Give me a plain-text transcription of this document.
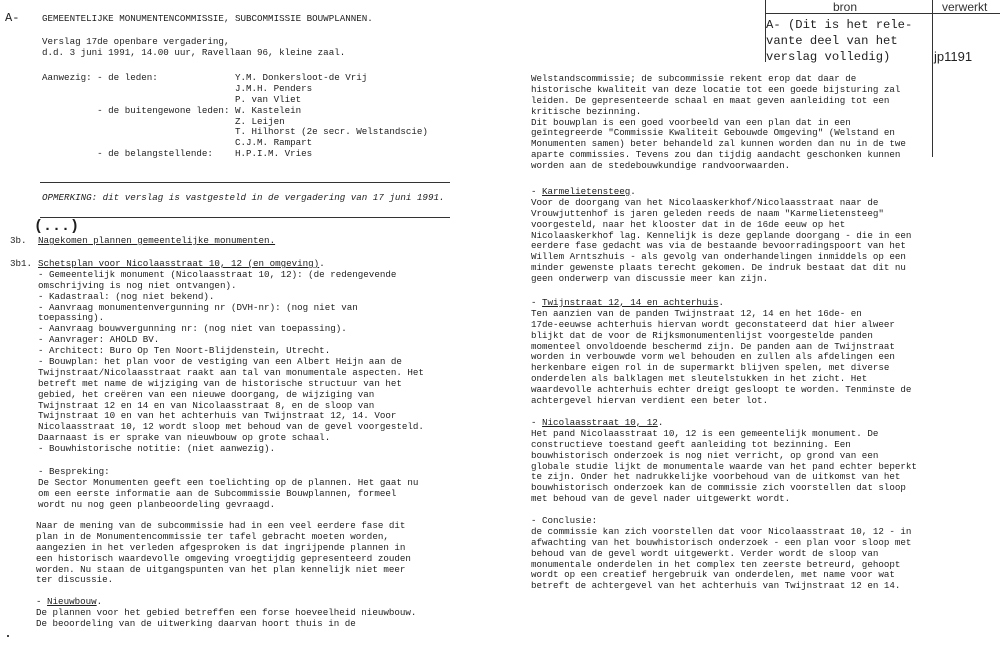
A- GEMEENTELIJKE MONUMENTENCOMMISSIE, SUBCOMMISSIE BOUWPLANNEN.
Verslag 17de openbare vergadering,
d.d. 3 juni 1991, 14.00 uur, Ravellaan 96, kleine zaal.
Aanwezig: - de leden:              Y.M. Donkersloot-de Vrij
J.M.H. Penders
P. van Vliet
- de buitengewone leden: W. Kastelein
Z. Leijen
T. Hilhorst (2e secr. Welstandscie)
C.J.M. Rampart
- de belangstellende:    H.P.I.M. Vries
OPMERKING: dit verslag is vastgesteld in de vergadering van 17 juni 1991.
(...)
3b. Nagekomen plannen gemeentelijke monumenten.
3b1. Schetsplan voor Nicolaasstraat 10, 12 (en omgeving).
- Gemeentelijk monument (Nicolaasstraat 10, 12): (de redengevende
omschrijving is nog niet ontvangen).
- Kadastraal: (nog niet bekend).
- Aanvraag monumentenvergunning nr (DVH-nr): (nog niet van
toepassing).
- Aanvraag bouwvergunning nr: (nog niet van toepassing).
- Aanvrager: AHOLD BV.
- Architect: Buro Op Ten Noort-Blijdenstein, Utrecht.
- Bouwplan: het plan voor de vestiging van een Albert Heijn aan de
Twijnstraat/Nicolaasstraat raakt aan tal van monumentale aspecten. Het
betreft met name de wijziging van de historische structuur van het
gebied, het creëren van een nieuwe doorgang, de wijziging van
Twijnstraat 12 en 14 en van Nicolaasstraat 8, en de sloop van
Twijnstraat 10 en van het achterhuis van Twijnstraat 12, 14. Voor
Nicolaasstraat 10, 12 wordt sloop met behoud van de gevel voorgesteld.
Daarnaast is er sprake van nieuwbouw op grote schaal.
- Bouwhistorische notitie: (niet aanwezig).
- Bespreking:
De Sector Monumenten geeft een toelichting op de plannen. Het gaat nu
om een eerste informatie aan de Subcommissie Bouwplannen, formeel
wordt nu nog geen planbeoordeling gevraagd.
Naar de mening van de subcommissie had in een veel eerdere fase dit
plan in de Monumentencommissie ter tafel gebracht moeten worden,
aangezien in het verleden afgesproken is dat ingrijpende plannen in
een historisch waardevolle omgeving vroegtijdig gepresenteerd zouden
worden. Nu staan de uitgangspunten van het plan kennelijk niet meer
ter discussie.
- Nieuwbouw.
De plannen voor het gebied betreffen een forse hoeveelheid nieuwbouw.
De beoordeling van de uitwerking daarvan hoort thuis in de
Welstandscommissie; de subcommissie rekent erop dat daar de
historische kwaliteit van deze locatie tot een goede bijsturing zal
leiden. De gepresenteerde schaal en maat geven aanleiding tot een
kritische bezinning.
Dit bouwplan is een goed voorbeeld van een plan dat in een
geïntegreerde "Commissie Kwaliteit Gebouwde Omgeving" (Welstand en
Monumenten samen) beter behandeld zal kunnen worden dan nu in de twe
aparte commissies. Tevens zou dan tijdig aandacht geschonken kunnen
worden aan de stedebouwkundige randvoorwaarden.
- Karmelietensteeg.
Voor de doorgang van het Nicolaaskerkhof/Nicolaasstraat naar de
Vrouwjuttenhof is jaren geleden reeds de naam "Karmelietensteeg"
voorgesteld, naar het klooster dat in de 16de eeuw op het
Nicolaaskerkhof lag. Kennelijk is deze geplande doorgang - die in een
eerdere fase gedacht was via de bestaande bevoorradingspoort van het
Willem Arntszhuis - als gevolg van onderhandelingen inmiddels op een
minder gewenste plaats terecht gekomen. De indruk bestaat dat dit nu
geen onderwerp van discussie meer kan zijn.
- Twijnstraat 12, 14 en achterhuis.
Ten aanzien van de panden Twijnstraat 12, 14 en het 16de- en
17de-eeuwse achterhuis hiervan wordt geconstateerd dat hier alweer
blijkt dat de voor de Rijksmonumentenlijst voorgestelde panden
momenteel onvoldoende beschermd zijn. De panden aan de Twijnstraat
worden in verbouwde vorm wel behouden en zullen als afdelingen een
herkenbare eigen rol in de supermarkt blijven spelen, met diverse
onderdelen als balklagen met sleutelstukken in het zicht. Het
waardevolle achterhuis echter dreigt gesloopt te worden. Tenminste de
achtergevel hiervan verdient een beter lot.
- Nicolaasstraat 10, 12.
Het pand Nicolaasstraat 10, 12 is een gemeentelijk monument. De
constructieve toestand geeft aanleiding tot bezinning. Een
bouwhistorisch onderzoek is nog niet verricht, op grond van een
globale studie lijkt de monumentale waarde van het pand echter beperkt
te zijn. Onder het nadrukkelijke voorbehoud van de uitkomst van het
bouwhistorisch onderzoek kan de commissie zich voorstellen dat sloop
met behoud van de gevel nader uitgewerkt wordt.
- Conclusie:
de commissie kan zich voorstellen dat voor Nicolaasstraat 10, 12 - in
afwachting van het bouwhistorisch onderzoek - een plan voor sloop met
behoud van de gevel wordt uitgewerkt. Verder wordt de sloop van
monumentale onderdelen in het complex ten zeerste betreurd, gehoopt
wordt op een creatief hergebruik van onderdelen, met name voor wat
betreft de achtergevel van het achterhuis van Twijnstraat 12 en 14.
bron	verwerkt
A- (Dit is het rele-
vante deel van het
verslag volledig)	jp1191
